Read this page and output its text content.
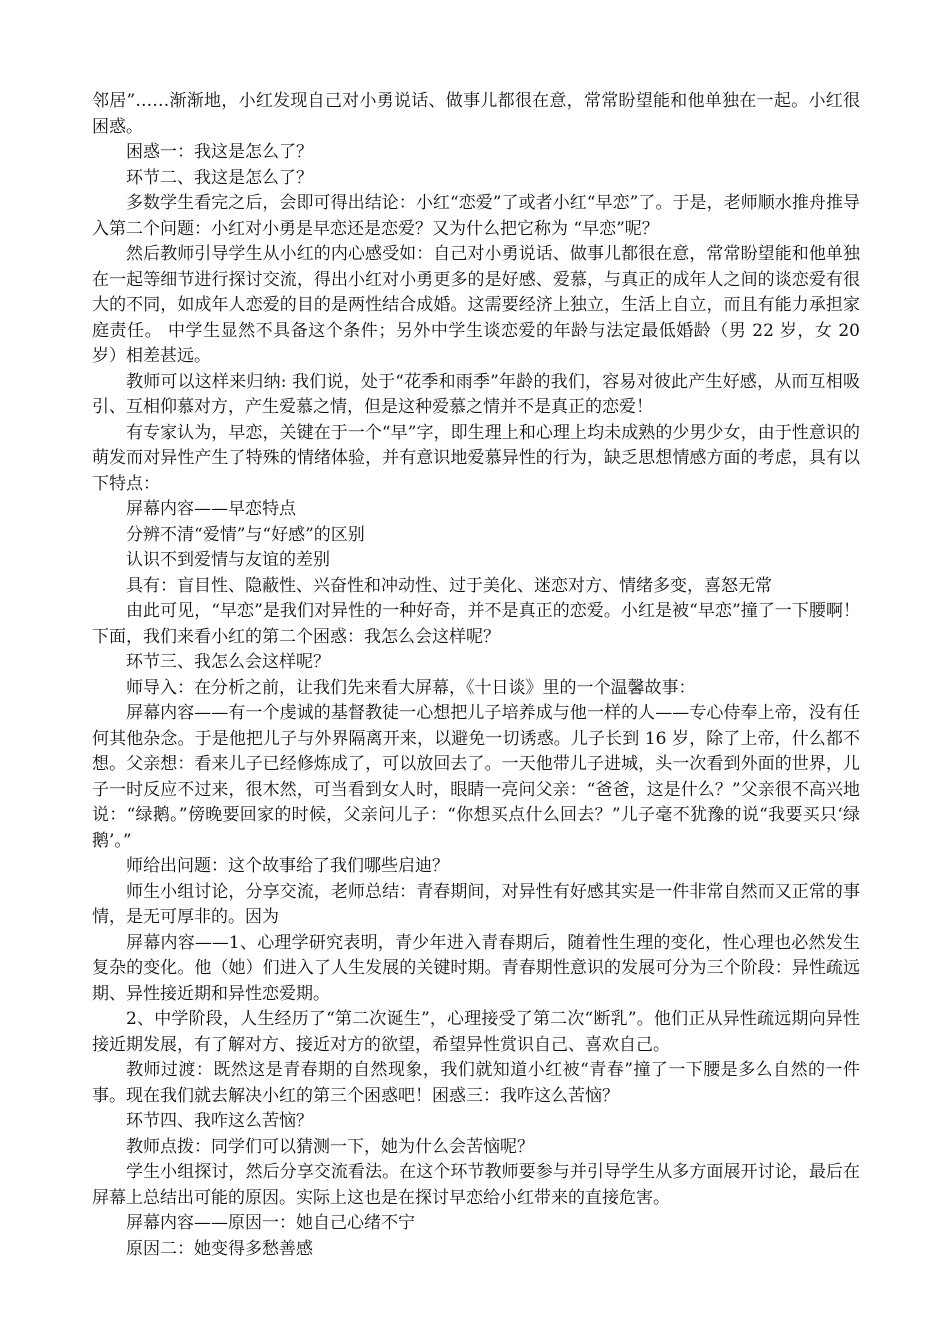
邻居”……渐渐地，小红发现自己对小勇说话、做事儿都很在意，常常盼望能和他单独在一起。小红很困惑。

困惑一：我这是怎么了？

环节二、我这是怎么了？

多数学生看完之后，会即可得出结论：小红“恋爱”了或者小红“早恋”了。于是，老师顺水推舟推导入第二个问题：小红对小勇是早恋还是恋爱？又为什么把它称为 “早恋”呢？

然后教师引导学生从小红的内心感受如：自己对小勇说话、做事儿都很在意，常常盼望能和他单独在一起等细节进行探讨交流，得出小红对小勇更多的是好感、爱慕，与真正的成年人之间的谈恋爱有很大的不同，如成年人恋爱的目的是两性结合成婚。这需要经济上独立，生活上自立，而且有能力承担家庭责任。 中学生显然不具备这个条件；另外中学生谈恋爱的年龄与法定最低婚龄（男 22 岁，女 20 岁）相差甚远。

教师可以这样来归纳: 我们说，处于“花季和雨季”年龄的我们，容易对彼此产生好感，从而互相吸引、互相仰慕对方，产生爱慕之情，但是这种爱慕之情并不是真正的恋爱！

有专家认为，早恋，关键在于一个“早”字，即生理上和心理上均未成熟的少男少女，由于性意识的萌发而对异性产生了特殊的情绪体验，并有意识地爱慕异性的行为，缺乏思想情感方面的考虑，具有以下特点：

屏幕内容——早恋特点

分辨不清“爱情”与“好感”的区别

认识不到爱情与友谊的差别

具有：盲目性、隐蔽性、兴奋性和冲动性、过于美化、迷恋对方、情绪多变，喜怒无常

由此可见，“早恋”是我们对异性的一种好奇，并不是真正的恋爱。小红是被“早恋”撞了一下腰啊！下面，我们来看小红的第二个困惑：我怎么会这样呢？

环节三、我怎么会这样呢？

师导入：在分析之前，让我们先来看大屏幕，《十日谈》里的一个温馨故事：

屏幕内容——有一个虔诚的基督教徒一心想把儿子培养成与他一样的人——专心侍奉上帝，没有任何其他杂念。于是他把儿子与外界隔离开来，以避免一切诱惑。儿子长到 16 岁，除了上帝，什么都不想。父亲想：看来儿子已经修炼成了，可以放回去了。一天他带儿子进城，头一次看到外面的世界，儿子一时反应不过来，很木然，可当看到女人时，眼睛一亮问父亲：“爸爸，这是什么？”父亲很不高兴地说：“绿鹅。”傍晚要回家的时候，父亲问儿子：“你想买点什么回去？”儿子毫不犹豫的说“我要买只‘绿鹅’。”

师给出问题：这个故事给了我们哪些启迪？

师生小组讨论，分享交流，老师总结：青春期间，对异性有好感其实是一件非常自然而又正常的事情，是无可厚非的。因为

屏幕内容——1、心理学研究表明，青少年进入青春期后，随着性生理的变化，性心理也必然发生复杂的变化。他（她）们进入了人生发展的关键时期。青春期性意识的发展可分为三个阶段：异性疏远期、异性接近期和异性恋爱期。

2、中学阶段，人生经历了“第二次诞生”，心理接受了第二次“断乳”。他们正从异性疏远期向异性接近期发展，有了解对方、接近对方的欲望，希望异性赏识自己、喜欢自己。

教师过渡：既然这是青春期的自然现象，我们就知道小红被“青春”撞了一下腰是多么自然的一件事。现在我们就去解决小红的第三个困惑吧！困惑三：我咋这么苦恼？

环节四、我咋这么苦恼？

教师点拨：同学们可以猜测一下，她为什么会苦恼呢？

学生小组探讨，然后分享交流看法。在这个环节教师要参与并引导学生从多方面展开讨论，最后在屏幕上总结出可能的原因。实际上这也是在探讨早恋给小红带来的直接危害。

屏幕内容——原因一：她自己心绪不宁

原因二：她变得多愁善感
